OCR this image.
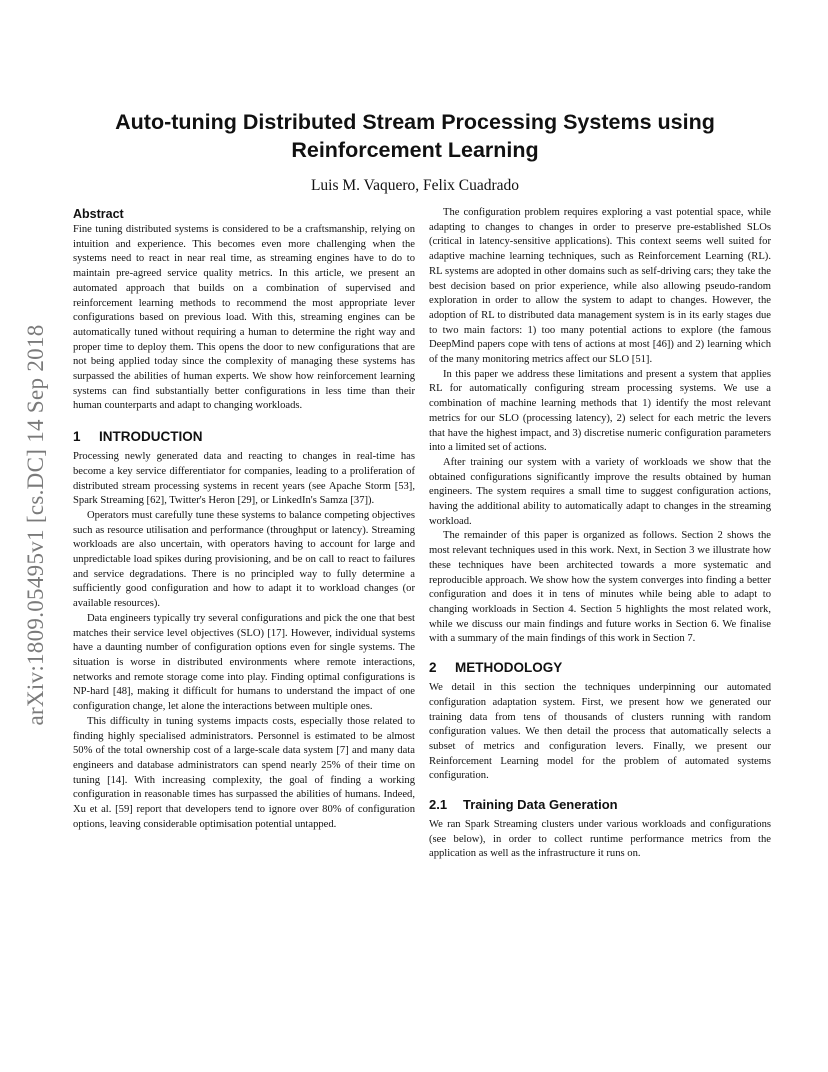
arXiv:1809.05495v1 [cs.DC] 14 Sep 2018
Auto-tuning Distributed Stream Processing Systems using
Reinforcement Learning
Luis M. Vaquero, Felix Cuadrado
Abstract

Fine tuning distributed systems is considered to be a craftsmanship, relying on intuition and experience. This becomes even more challenging when the systems need to react in near real time, as streaming engines have to do to maintain pre-agreed service quality metrics. In this article, we present an automated approach that builds on a combination of supervised and reinforcement learning methods to recommend the most appropriate lever configurations based on previous load. With this, streaming engines can be automatically tuned without requiring a human to determine the right way and proper time to deploy them. This opens the door to new configurations that are not being applied today since the complexity of managing these systems has surpassed the abilities of human experts. We show how reinforcement learning systems can find substantially better configurations in less time than their human counterparts and adapt to changing workloads.

1 INTRODUCTION

Processing newly generated data and reacting to changes in real-time has become a key service differentiator for companies, leading to a proliferation of distributed stream processing systems in recent years (see Apache Storm [53], Spark Streaming [62], Twitter's Heron [29], or LinkedIn's Samza [37]).

Operators must carefully tune these systems to balance competing objectives such as resource utilisation and performance (throughput or latency). Streaming workloads are also uncertain, with operators having to account for large and unpredictable load spikes during provisioning, and be on call to react to failures and service degradations. There is no principled way to fully determine a sufficiently good configuration and how to adapt it to workload changes (or available resources).

Data engineers typically try several configurations and pick the one that best matches their service level objectives (SLO) [17]. However, individual systems have a daunting number of configuration options even for single systems. The situation is worse in distributed environments where remote interactions, networks and remote storage come into play. Finding optimal configurations is NP-hard [48], making it difficult for humans to understand the impact of one configuration change, let alone the interactions between multiple ones.

This difficulty in tuning systems impacts costs, especially those related to finding highly specialised administrators. Personnel is estimated to be almost 50% of the total ownership cost of a large-scale data system [7] and many data engineers and database administrators can spend nearly 25% of their time on tuning [14]. With increasing complexity, the goal of finding a working configuration in reasonable times has surpassed the abilities of humans. Indeed, Xu et al. [59] report that developers tend to ignore over 80% of configuration options, leaving considerable optimisation potential untapped.

The configuration problem requires exploring a vast potential space, while adapting to changes to changes in order to preserve pre-established SLOs (critical in latency-sensitive applications). This context seems well suited for adaptive machine learning techniques, such as Reinforcement Learning (RL). RL systems are adopted in other domains such as self-driving cars; they take the best decision based on prior experience, while also allowing pseudo-random exploration in order to allow the system to adapt to changes. However, the adoption of RL to distributed data management system is in its early stages due to two main factors: 1) too many potential actions to explore (the famous DeepMind papers cope with tens of actions at most [46]) and 2) learning which of the many monitoring metrics affect our SLO [51].

In this paper we address these limitations and present a system that applies RL for automatically configuring stream processing systems. We use a combination of machine learning methods that 1) identify the most relevant metrics for our SLO (processing latency), 2) select for each metric the levers that have the highest impact, and 3) discretise numeric configuration parameters into a limited set of actions.

After training our system with a variety of workloads we show that the obtained configurations significantly improve the results obtained by human engineers. The system requires a small time to suggest configuration actions, having the additional ability to automatically adapt to changes in the streaming workload.

The remainder of this paper is organized as follows. Section 2 shows the most relevant techniques used in this work. Next, in Section 3 we illustrate how these techniques have been architected towards a more systematic and reproducible approach. We show how the system converges into finding a better configuration and does it in tens of minutes while being able to adapt to changing workloads in Section 4. Section 5 highlights the most related work, while we discuss our main findings and future works in Section 6. We finalise with a summary of the main findings of this work in Section 7.

2 METHODOLOGY

We detail in this section the techniques underpinning our automated configuration adaptation system. First, we present how we generated our training data from tens of thousands of clusters running with random configuration values. We then detail the process that automatically selects a subset of metrics and configuration levers. Finally, we present our Reinforcement Learning model for the problem of automated systems configuration.

2.1 Training Data Generation

We ran Spark Streaming clusters under various workloads and configurations (see below), in order to collect runtime performance metrics from the application as well as the infrastructure it runs on.
